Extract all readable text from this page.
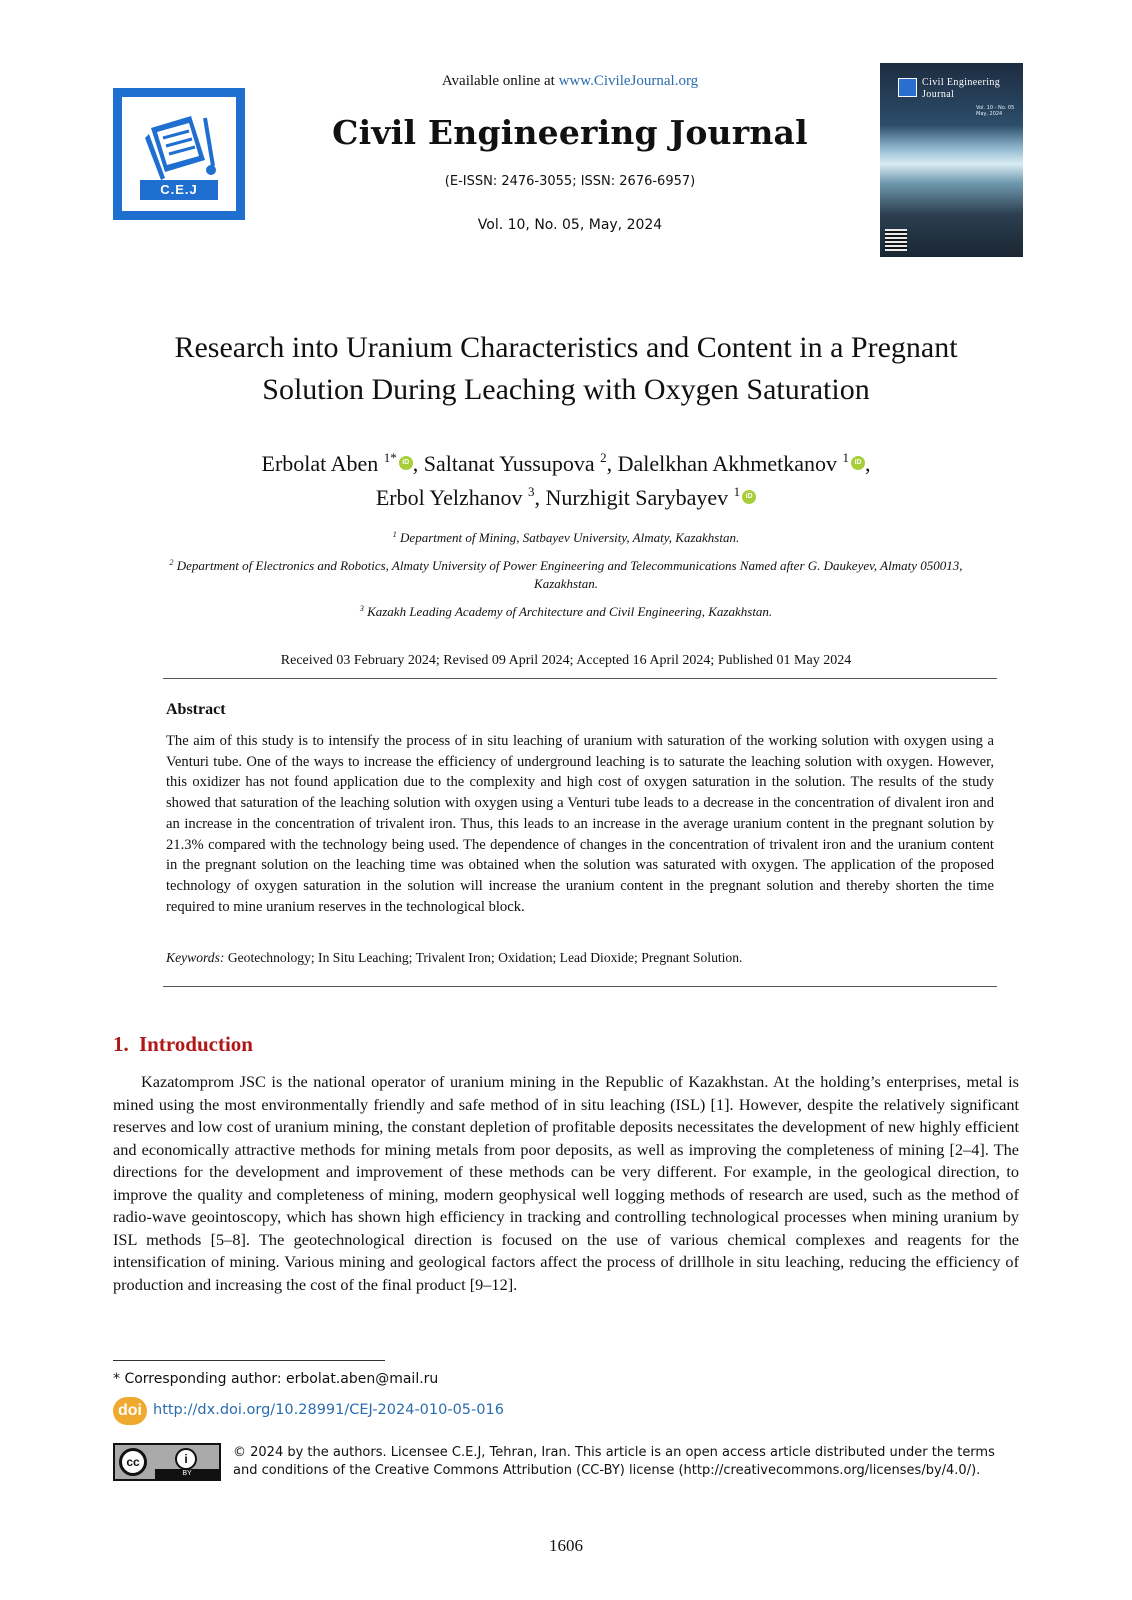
C.E.J
Available online at www.CivileJournal.org
Civil Engineering Journal
(E-ISSN: 2476-3055; ISSN: 2676-6957)
Vol. 10, No. 05, May, 2024
Civil Engineering
Journal
Vol. 10 - No. 05 May, 2024
Research into Uranium Characteristics and Content in a Pregnant Solution During Leaching with Oxygen Saturation
Erbolat Aben $^{1*}$ iD , Saltanat Yussupova $^2$, Dalelkhan Akhmetkanov $^1$ iD ,
Erbol Yelzhanov $^3$, Nurzhigit Sarybayev $^1$iD
$^1$ Department of Mining, Satbayev University, Almaty, Kazakhstan.
$^2$ Department of Electronics and Robotics, Almaty University of Power Engineering and Telecommunications Named after G. Daukeyev, Almaty 050013, Kazakhstan.
$^3$ Kazakh Leading Academy of Architecture and Civil Engineering, Kazakhstan.
Received 03 February 2024; Revised 09 April 2024; Accepted 16 April 2024; Published 01 May 2024
Abstract
The aim of this study is to intensify the process of in situ leaching of uranium with saturation of the working solution with oxygen using a Venturi tube. One of the ways to increase the efficiency of underground leaching is to saturate the leaching solution with oxygen. However, this oxidizer has not found application due to the complexity and high cost of oxygen saturation in the solution. The results of the study showed that saturation of the leaching solution with oxygen using a Venturi tube leads to a decrease in the concentration of divalent iron and an increase in the concentration of trivalent iron. Thus, this leads to an increase in the average uranium content in the pregnant solution by 21.3% compared with the technology being used. The dependence of changes in the concentration of trivalent iron and the uranium content in the pregnant solution on the leaching time was obtained when the solution was saturated with oxygen. The application of the proposed technology of oxygen saturation in the solution will increase the uranium content in the pregnant solution and thereby shorten the time required to mine uranium reserves in the technological block.
Keywords: Geotechnology; In Situ Leaching; Trivalent Iron; Oxidation; Lead Dioxide; Pregnant Solution.
1. Introduction
Kazatomprom JSC is the national operator of uranium mining in the Republic of Kazakhstan. At the holding’s enterprises, metal is mined using the most environmentally friendly and safe method of in situ leaching (ISL) [1]. However, despite the relatively significant reserves and low cost of uranium mining, the constant depletion of profitable deposits necessitates the development of new highly efficient and economically attractive methods for mining metals from poor deposits, as well as improving the completeness of mining [2–4]. The directions for the development and improvement of these methods can be very different. For example, in the geological direction, to improve the quality and completeness of mining, modern geophysical well logging methods of research are used, such as the method of radio-wave geointoscopy, which has shown high efficiency in tracking and controlling technological processes when mining uranium by ISL methods [5–8]. The geotechnological direction is focused on the use of various chemical complexes and reagents for the intensification of mining. Various mining and geological factors affect the process of drillhole in situ leaching, reducing the efficiency of production and increasing the cost of the final product [9–12].
* Corresponding author: erbolat.aben@mail.ru
doi http://dx.doi.org/10.28991/CEJ-2024-010-05-016
cc	i
BY
© 2024 by the authors. Licensee C.E.J, Tehran, Iran. This article is an open access article distributed under the terms and conditions of the Creative Commons Attribution (CC-BY) license (http://creativecommons.org/licenses/by/4.0/).
1606
